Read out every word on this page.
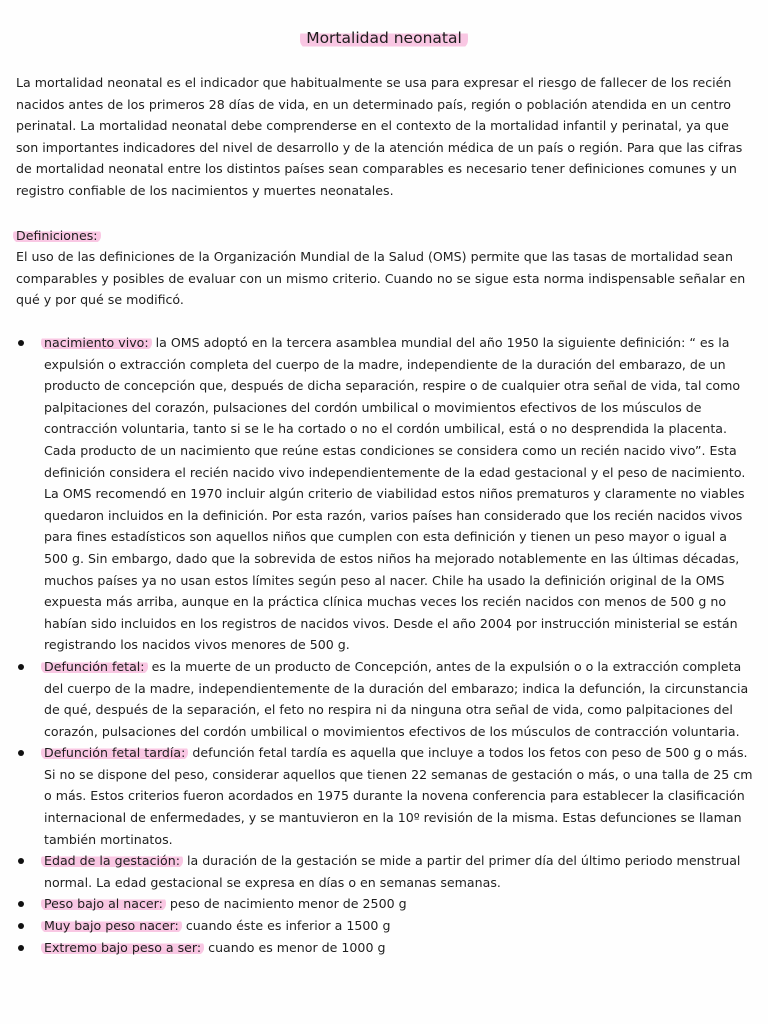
Mortalidad neonatal
La mortalidad neonatal es el indicador que habitualmente se usa para expresar el riesgo de fallecer de los recién nacidos antes de los primeros 28 días de vida, en un determinado país, región o población atendida en un centro perinatal. La mortalidad neonatal debe comprenderse en el contexto de la mortalidad infantil y perinatal, ya que son importantes indicadores del nivel de desarrollo y de la atención médica de un país o región. Para que las cifras de mortalidad neonatal entre los distintos países sean comparables es necesario tener definiciones comunes y un registro confiable de los nacimientos y muertes neonatales.
Definiciones:
El uso de las definiciones de la Organización Mundial de la Salud (OMS) permite que las tasas de mortalidad sean comparables y posibles de evaluar con un mismo criterio. Cuando no se sigue esta norma indispensable señalar en qué y por qué se modificó.
nacimiento vivo: la OMS adoptó en la tercera asamblea mundial del año 1950 la siguiente definición: “ es la expulsión o extracción completa del cuerpo de la madre, independiente de la duración del embarazo, de un producto de concepción que, después de dicha separación, respire o de cualquier otra señal de vida, tal como palpitaciones del corazón, pulsaciones del cordón umbilical o movimientos efectivos de los músculos de contracción voluntaria, tanto si se le ha cortado o no el cordón umbilical, está o no desprendida la placenta. Cada producto de un nacimiento que reúne estas condiciones se considera como un recién nacido vivo”. Esta definición considera el recién nacido vivo independientemente de la edad gestacional y el peso de nacimiento. La OMS recomendó en 1970 incluir algún criterio de viabilidad estos niños prematuros y claramente no viables quedaron incluidos en la definición. Por esta razón, varios países han considerado que los recién nacidos vivos para fines estadísticos son aquellos niños que cumplen con esta definición y tienen un peso mayor o igual a 500 g. Sin embargo, dado que la sobrevida de estos niños ha mejorado notablemente en las últimas décadas, muchos países ya no usan estos límites según peso al nacer. Chile ha usado la definición original de la OMS expuesta más arriba, aunque en la práctica clínica muchas veces los recién nacidos con menos de 500 g no habían sido incluidos en los registros de nacidos vivos. Desde el año 2004 por instrucción ministerial se están registrando los nacidos vivos menores de 500 g.
Defunción fetal: es la muerte de un producto de Concepción, antes de la expulsión o o la extracción completa del cuerpo de la madre, independientemente de la duración del embarazo; indica la defunción, la circunstancia de qué, después de la separación, el feto no respira ni da ninguna otra señal de vida, como palpitaciones del corazón, pulsaciones del cordón umbilical o movimientos efectivos de los músculos de contracción voluntaria.
Defunción fetal tardía: defunción fetal tardía es aquella que incluye a todos los fetos con peso de 500 g o más. Si no se dispone del peso, considerar aquellos que tienen 22 semanas de gestación o más, o una talla de 25 cm o más. Estos criterios fueron acordados en 1975 durante la novena conferencia para establecer la clasificación internacional de enfermedades, y se mantuvieron en la 10º revisión de la misma. Estas defunciones se llaman también mortinatos.
Edad de la gestación: la duración de la gestación se mide a partir del primer día del último periodo menstrual normal. La edad gestacional se expresa en días o en semanas semanas.
Peso bajo al nacer: peso de nacimiento menor de 2500 g
Muy bajo peso nacer: cuando éste es inferior a 1500 g
Extremo bajo peso a ser: cuando es menor de 1000 g
